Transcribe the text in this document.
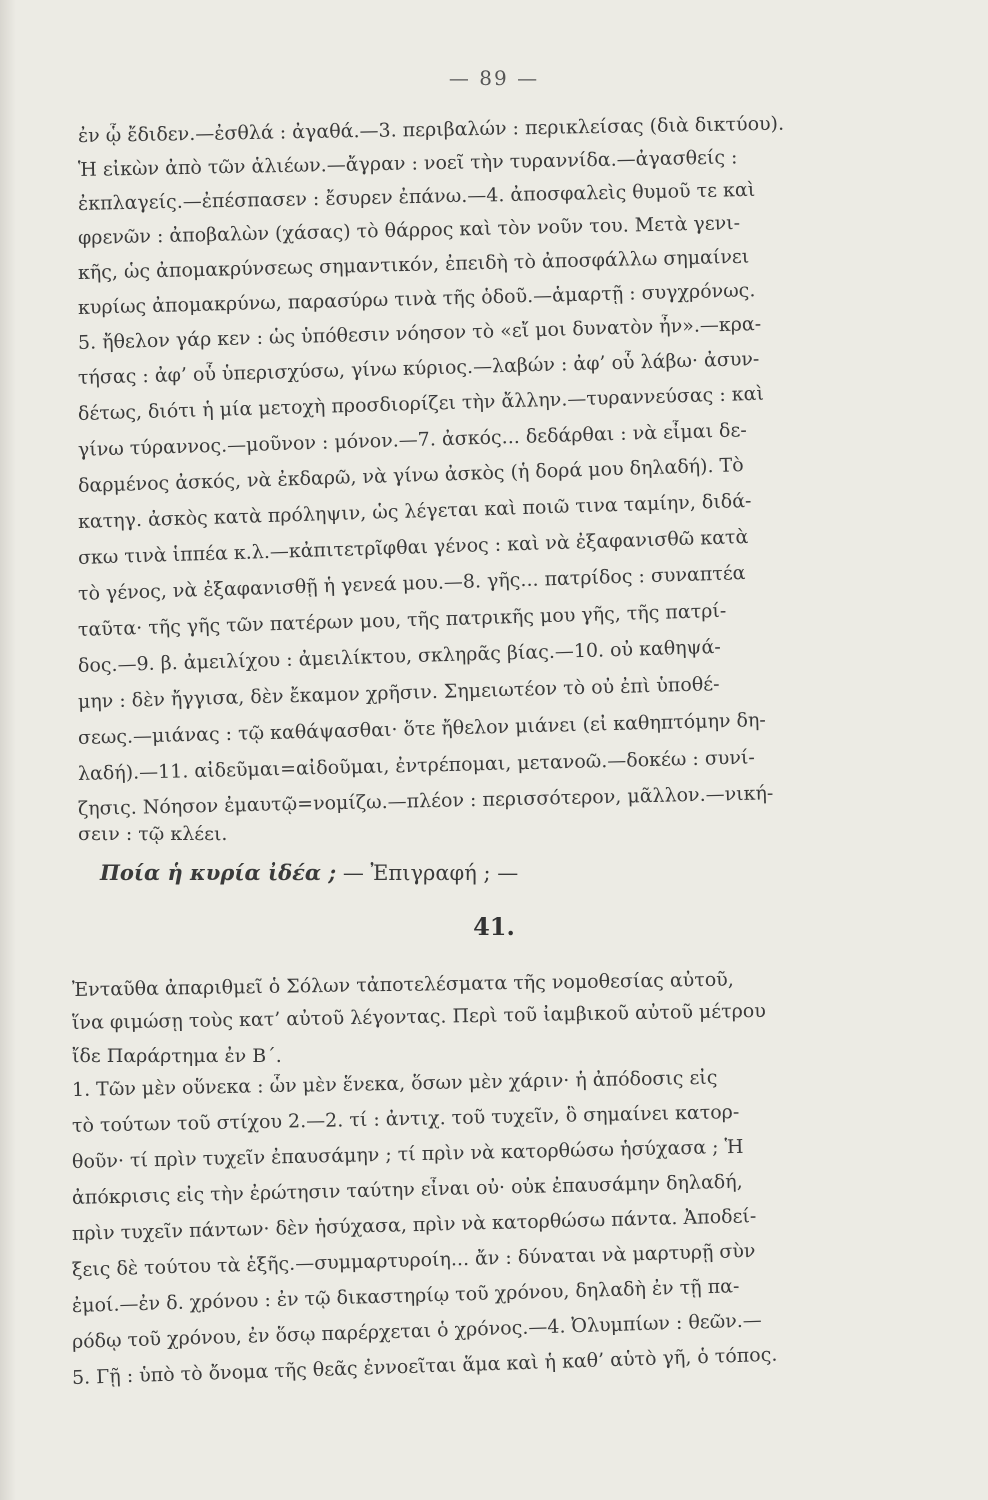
— 89 —
ἐν ᾧ ἔδιδεν.—ἐσθλά : ἀγαθά.—3. περιβαλών : περικλείσας (διὰ δικτύου).
Ἡ εἰκὼν ἀπὸ τῶν ἁλιέων.—ἄγραν : νοεῖ τὴν τυραννίδα.—ἀγασθείς :
ἐκπλαγείς.—ἐπέσπασεν : ἔσυρεν ἐπάνω.—4. ἀποσφαλεὶς θυμοῦ τε καὶ
φρενῶν : ἀποβαλὼν (χάσας) τὸ θάρρος καὶ τὸν νοῦν του. Μετὰ γενι-
κῆς, ὡς ἀπομακρύνσεως σημαντικόν, ἐπειδὴ τὸ ἀποσφάλλω σημαίνει
κυρίως ἀπομακρύνω, παρασύρω τινὰ τῆς ὁδοῦ.—ἁμαρτῇ : συγχρόνως.
5. ἤθελον γάρ κεν : ὡς ὑπόθεσιν νόησον τὸ «εἴ μοι δυνατὸν ἦν».—κρα-
τήσας : ἀφ’ οὗ ὑπερισχύσω, γίνω κύριος.—λαβών : ἀφ’ οὗ λάβω· ἀσυν-
δέτως, διότι ἡ μία μετοχὴ προσδιορίζει τὴν ἄλλην.—τυραννεύσας : καὶ
γίνω τύραννος.—μοῦνον : μόνον.—7. ἀσκός... δεδάρθαι : νὰ εἶμαι δε-
δαρμένος ἀσκός, νὰ ἐκδαρῶ, νὰ γίνω ἀσκὸς (ἡ δορά μου δηλαδή). Τὸ
κατηγ. ἀσκὸς κατὰ πρόληψιν, ὡς λέγεται καὶ ποιῶ τινα ταμίην, διδά-
σκω τινὰ ἱππέα κ.λ.—κἀπιτετρῖφθαι γένος : καὶ νὰ ἐξαφανισθῶ κατὰ
τὸ γένος, νὰ ἐξαφανισθῇ ἡ γενεά μου.—8. γῆς... πατρίδος : συναπτέα
ταῦτα· τῆς γῆς τῶν πατέρων μου, τῆς πατρικῆς μου γῆς, τῆς πατρί-
δος.—9. β. ἀμειλίχου : ἀμειλίκτου, σκληρᾶς βίας.—10. οὐ καθηψά-
μην : δὲν ἤγγισα, δὲν ἔκαμον χρῆσιν. Σημειωτέον τὸ οὐ ἐπὶ ὑποθέ-
σεως.—μιάνας : τῷ καθάψασθαι· ὅτε ἤθελον μιάνει (εἰ καθηπτόμην δη-
λαδή).—11. αἰδεῦμαι=αἰδοῦμαι, ἐντρέπομαι, μετανοῶ.—δοκέω : συνί-
ζησις. Νόησον ἐμαυτῷ=νομίζω.—πλέον : περισσότερον, μᾶλλον.—νική-
σειν : τῷ κλέει.
Ποία ἡ κυρία ἰδέα ; — Ἐπιγραφή ; —
41.
Ἐνταῦθα ἀπαριθμεῖ ὁ Σόλων τἀποτελέσματα τῆς νομοθεσίας αὐτοῦ,
ἵνα φιμώσῃ τοὺς κατ’ αὐτοῦ λέγοντας. Περὶ τοῦ ἰαμβικοῦ αὐτοῦ μέτρου
ἴδε Παράρτημα ἐν Β΄.
1. Τῶν μὲν οὕνεκα : ὧν μὲν ἕνεκα, ὅσων μὲν χάριν· ἡ ἀπόδοσις εἰς
τὸ τούτων τοῦ στίχου 2.—2. τί : ἀντιχ. τοῦ τυχεῖν, ὃ σημαίνει κατορ-
θοῦν· τί πρὶν τυχεῖν ἐπαυσάμην ; τί πρὶν νὰ κατορθώσω ἡσύχασα ; Ἡ
ἀπόκρισις εἰς τὴν ἐρώτησιν ταύτην εἶναι οὐ· οὐκ ἐπαυσάμην δηλαδή,
πρὶν τυχεῖν πάντων· δὲν ἡσύχασα, πρὶν νὰ κατορθώσω πάντα. Ἀποδεί-
ξεις δὲ τούτου τὰ ἑξῆς.—συμμαρτυροίη... ἄν : δύναται νὰ μαρτυρῇ σὺν
ἐμοί.—ἐν δ. χρόνου : ἐν τῷ δικαστηρίῳ τοῦ χρόνου, δηλαδὴ ἐν τῇ πα-
ρόδῳ τοῦ χρόνου, ἐν ὅσῳ παρέρχεται ὁ χρόνος.—4. Ὀλυμπίων : θεῶν.—
5. Γῇ : ὑπὸ τὸ ὄνομα τῆς θεᾶς ἐννοεῖται ἅμα καὶ ἡ καθ’ αὑτὸ γῆ, ὁ τόπος.
